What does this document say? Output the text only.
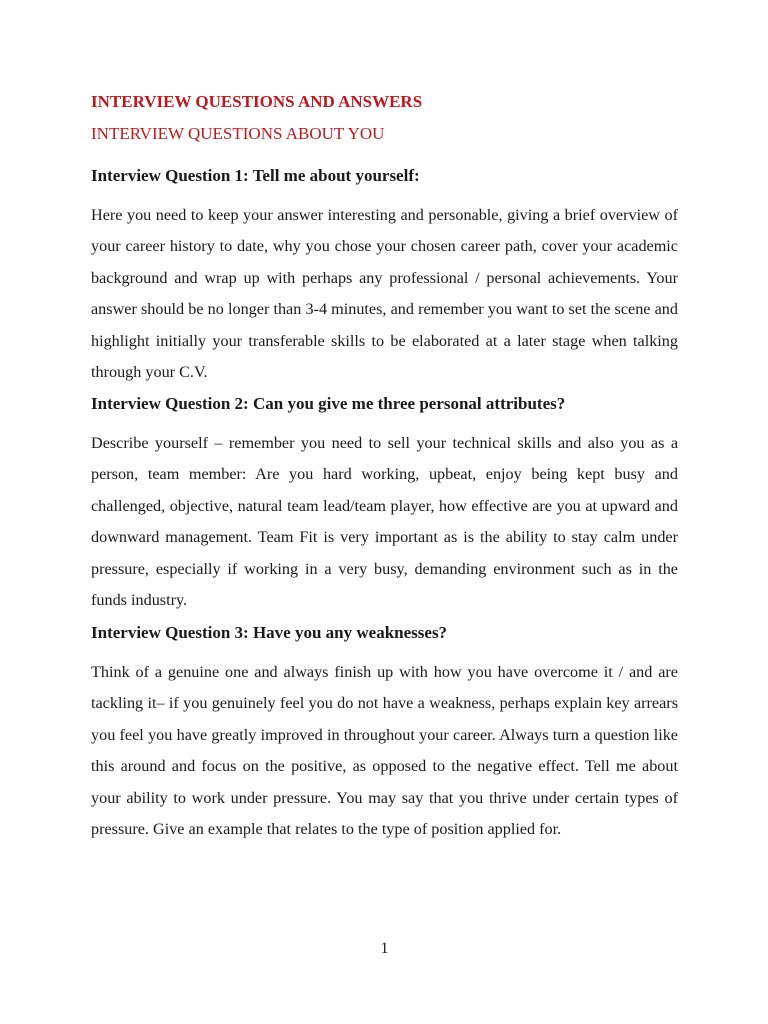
INTERVIEW QUESTIONS AND ANSWERS
INTERVIEW QUESTIONS ABOUT YOU
Interview Question 1: Tell me about yourself:

Here you need to keep your answer interesting and personable, giving a brief overview of your career history to date, why you chose your chosen career path, cover your academic background and wrap up with perhaps any professional / personal achievements. Your answer should be no longer than 3-4 minutes, and remember you want to set the scene and highlight initially your transferable skills to be elaborated at a later stage when talking through your C.V.

Interview Question 2: Can you give me three personal attributes?

Describe yourself – remember you need to sell your technical skills and also you as a person, team member: Are you hard working, upbeat, enjoy being kept busy and challenged, objective, natural team lead/team player, how effective are you at upward and downward management. Team Fit is very important as is the ability to stay calm under pressure, especially if working in a very busy, demanding environment such as in the funds industry.

Interview Question 3: Have you any weaknesses?

Think of a genuine one and always finish up with how you have overcome it / and are tackling it– if you genuinely feel you do not have a weakness, perhaps explain key arrears you feel you have greatly improved in throughout your career. Always turn a question like this around and focus on the positive, as opposed to the negative effect. Tell me about your ability to work under pressure. You may say that you thrive under certain types of pressure. Give an example that relates to the type of position applied for.

1
